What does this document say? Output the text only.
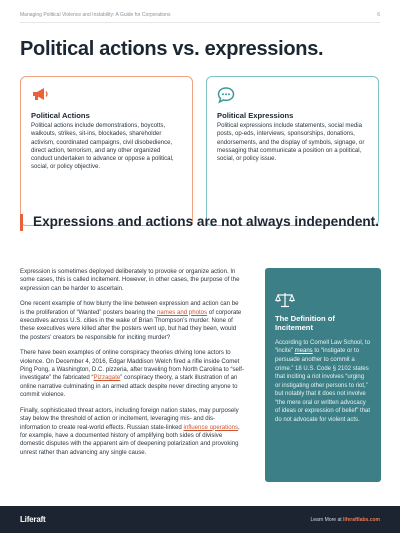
Managing Political Violence and Instability: A Guide for Corporations	6
Political actions vs. expressions.
Political Actions
Political actions include demonstrations, boycotts, walkouts, strikes, sit-ins, blockades, shareholder activism, coordinated campaigns, civil disobedience, direct action, terrorism, and any other organized conduct undertaken to advance or oppose a political, social, or policy objective.
Political Expressions
Political expressions include statements, social media posts, op-eds, interviews, sponsorships, donations, endorsements, and the display of symbols, signage, or messaging that communicate a position on a political, social, or policy issue.
Expressions and actions are not always independent.

Expression is sometimes deployed deliberately to provoke or organize action. In some cases, this is called incitement. However, in other cases, the purpose of the expression can be harder to ascertain.

One recent example of how blurry the line between expression and action can be is the proliferation of “Wanted” posters bearing the names and photos of corporate executives across U.S. cities in the wake of Brian Thompson’s murder. None of these executives were killed after the posters went up, but had they been, would the posters’ creators be responsible for inciting murder?

There have been examples of online conspiracy theories driving lone actors to violence. On December 4, 2016, Edgar Maddison Welch fired a rifle inside Comet Ping Pong, a Washington, D.C. pizzeria, after traveling from North Carolina to “self-investigate” the fabricated “Pizzagate” conspiracy theory, a stark illustration of an online narrative culminating in an armed attack despite never directing anyone to commit violence.

Finally, sophisticated threat actors, including foreign nation states, may purposely stay below the threshold of action or incitement, leveraging mis- and dis-information to create real-world effects. Russian state-linked influence operations, for example, have a documented history of amplifying both sides of divisive domestic disputes with the apparent aim of deepening polarization and provoking unrest rather than advancing any single cause.

The Definition of Incitement
According to Cornell Law School, to “incite” means to “instigate or to persuade another to commit a crime.” 18 U.S. Code § 2102 states that inciting a riot involves “urging or instigating other persons to riot,” but notably that it does not involve “the mere oral or written advocacy of ideas or expression of belief” that do not advocate for violent acts.
Liferaft	Learn More at liferaftlabs.com
